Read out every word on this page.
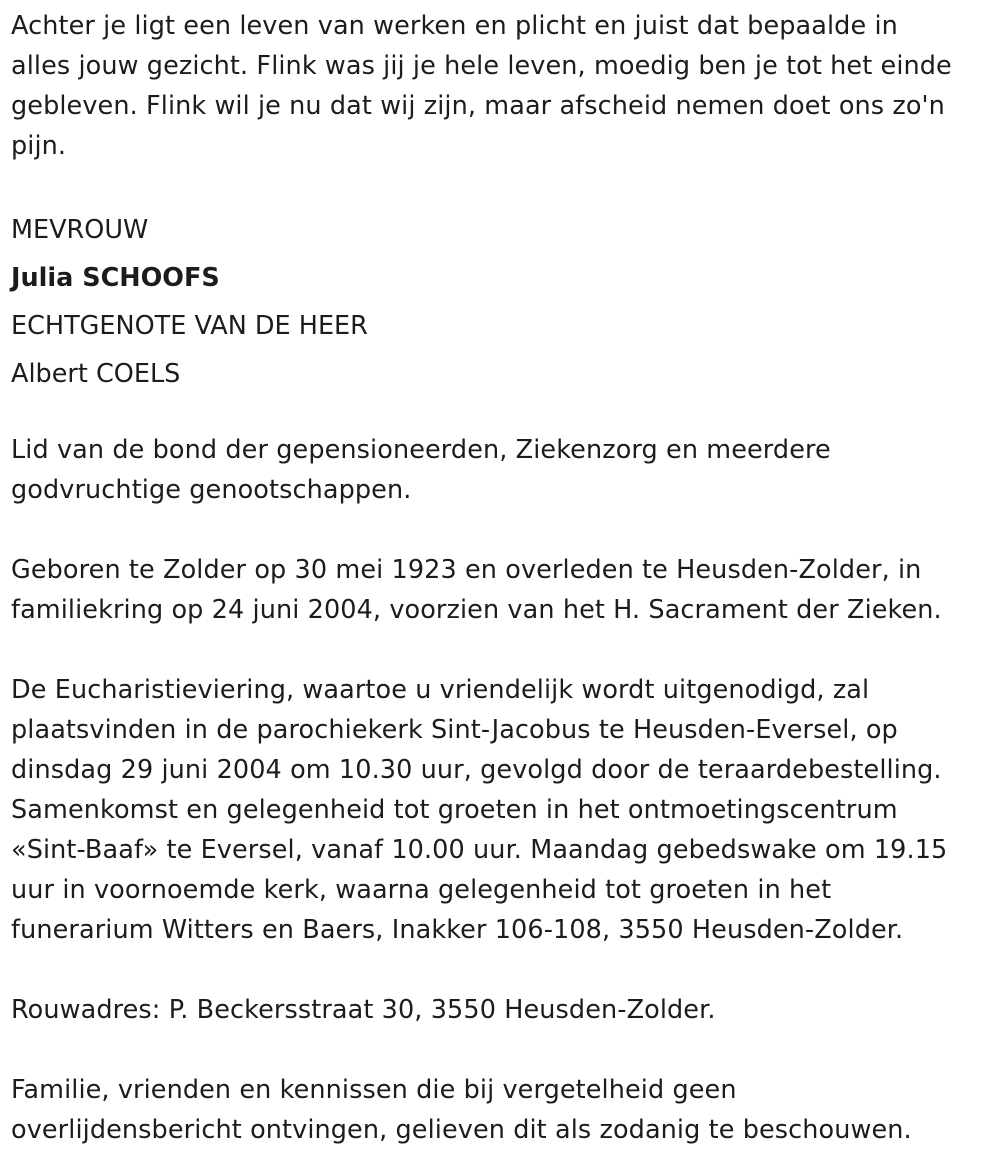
Achter je ligt een leven van werken en plicht en juist dat bepaalde in
alles jouw gezicht. Flink was jij je hele leven, moedig ben je tot het einde
gebleven. Flink wil je nu dat wij zijn, maar afscheid nemen doet ons zo'n
pijn.

MEVROUW
Julia SCHOOFS
ECHTGENOTE VAN DE HEER
Albert COELS

Lid van de bond der gepensioneerden, Ziekenzorg en meerdere
godvruchtige genootschappen.

Geboren te Zolder op 30 mei 1923 en overleden te Heusden-Zolder, in
familiekring op 24 juni 2004, voorzien van het H. Sacrament der Zieken.

De Eucharistieviering, waartoe u vriendelijk wordt uitgenodigd, zal
plaatsvinden in de parochiekerk Sint-Jacobus te Heusden-Eversel, op
dinsdag 29 juni 2004 om 10.30 uur, gevolgd door de teraardebestelling.
Samenkomst en gelegenheid tot groeten in het ontmoetingscentrum
«Sint-Baaf» te Eversel, vanaf 10.00 uur. Maandag gebedswake om 19.15
uur in voornoemde kerk, waarna gelegenheid tot groeten in het
funerarium Witters en Baers, Inakker 106-108, 3550 Heusden-Zolder.

Rouwadres: P. Beckersstraat 30, 3550 Heusden-Zolder.

Familie, vrienden en kennissen die bij vergetelheid geen
overlijdensbericht ontvingen, gelieven dit als zodanig te beschouwen.
